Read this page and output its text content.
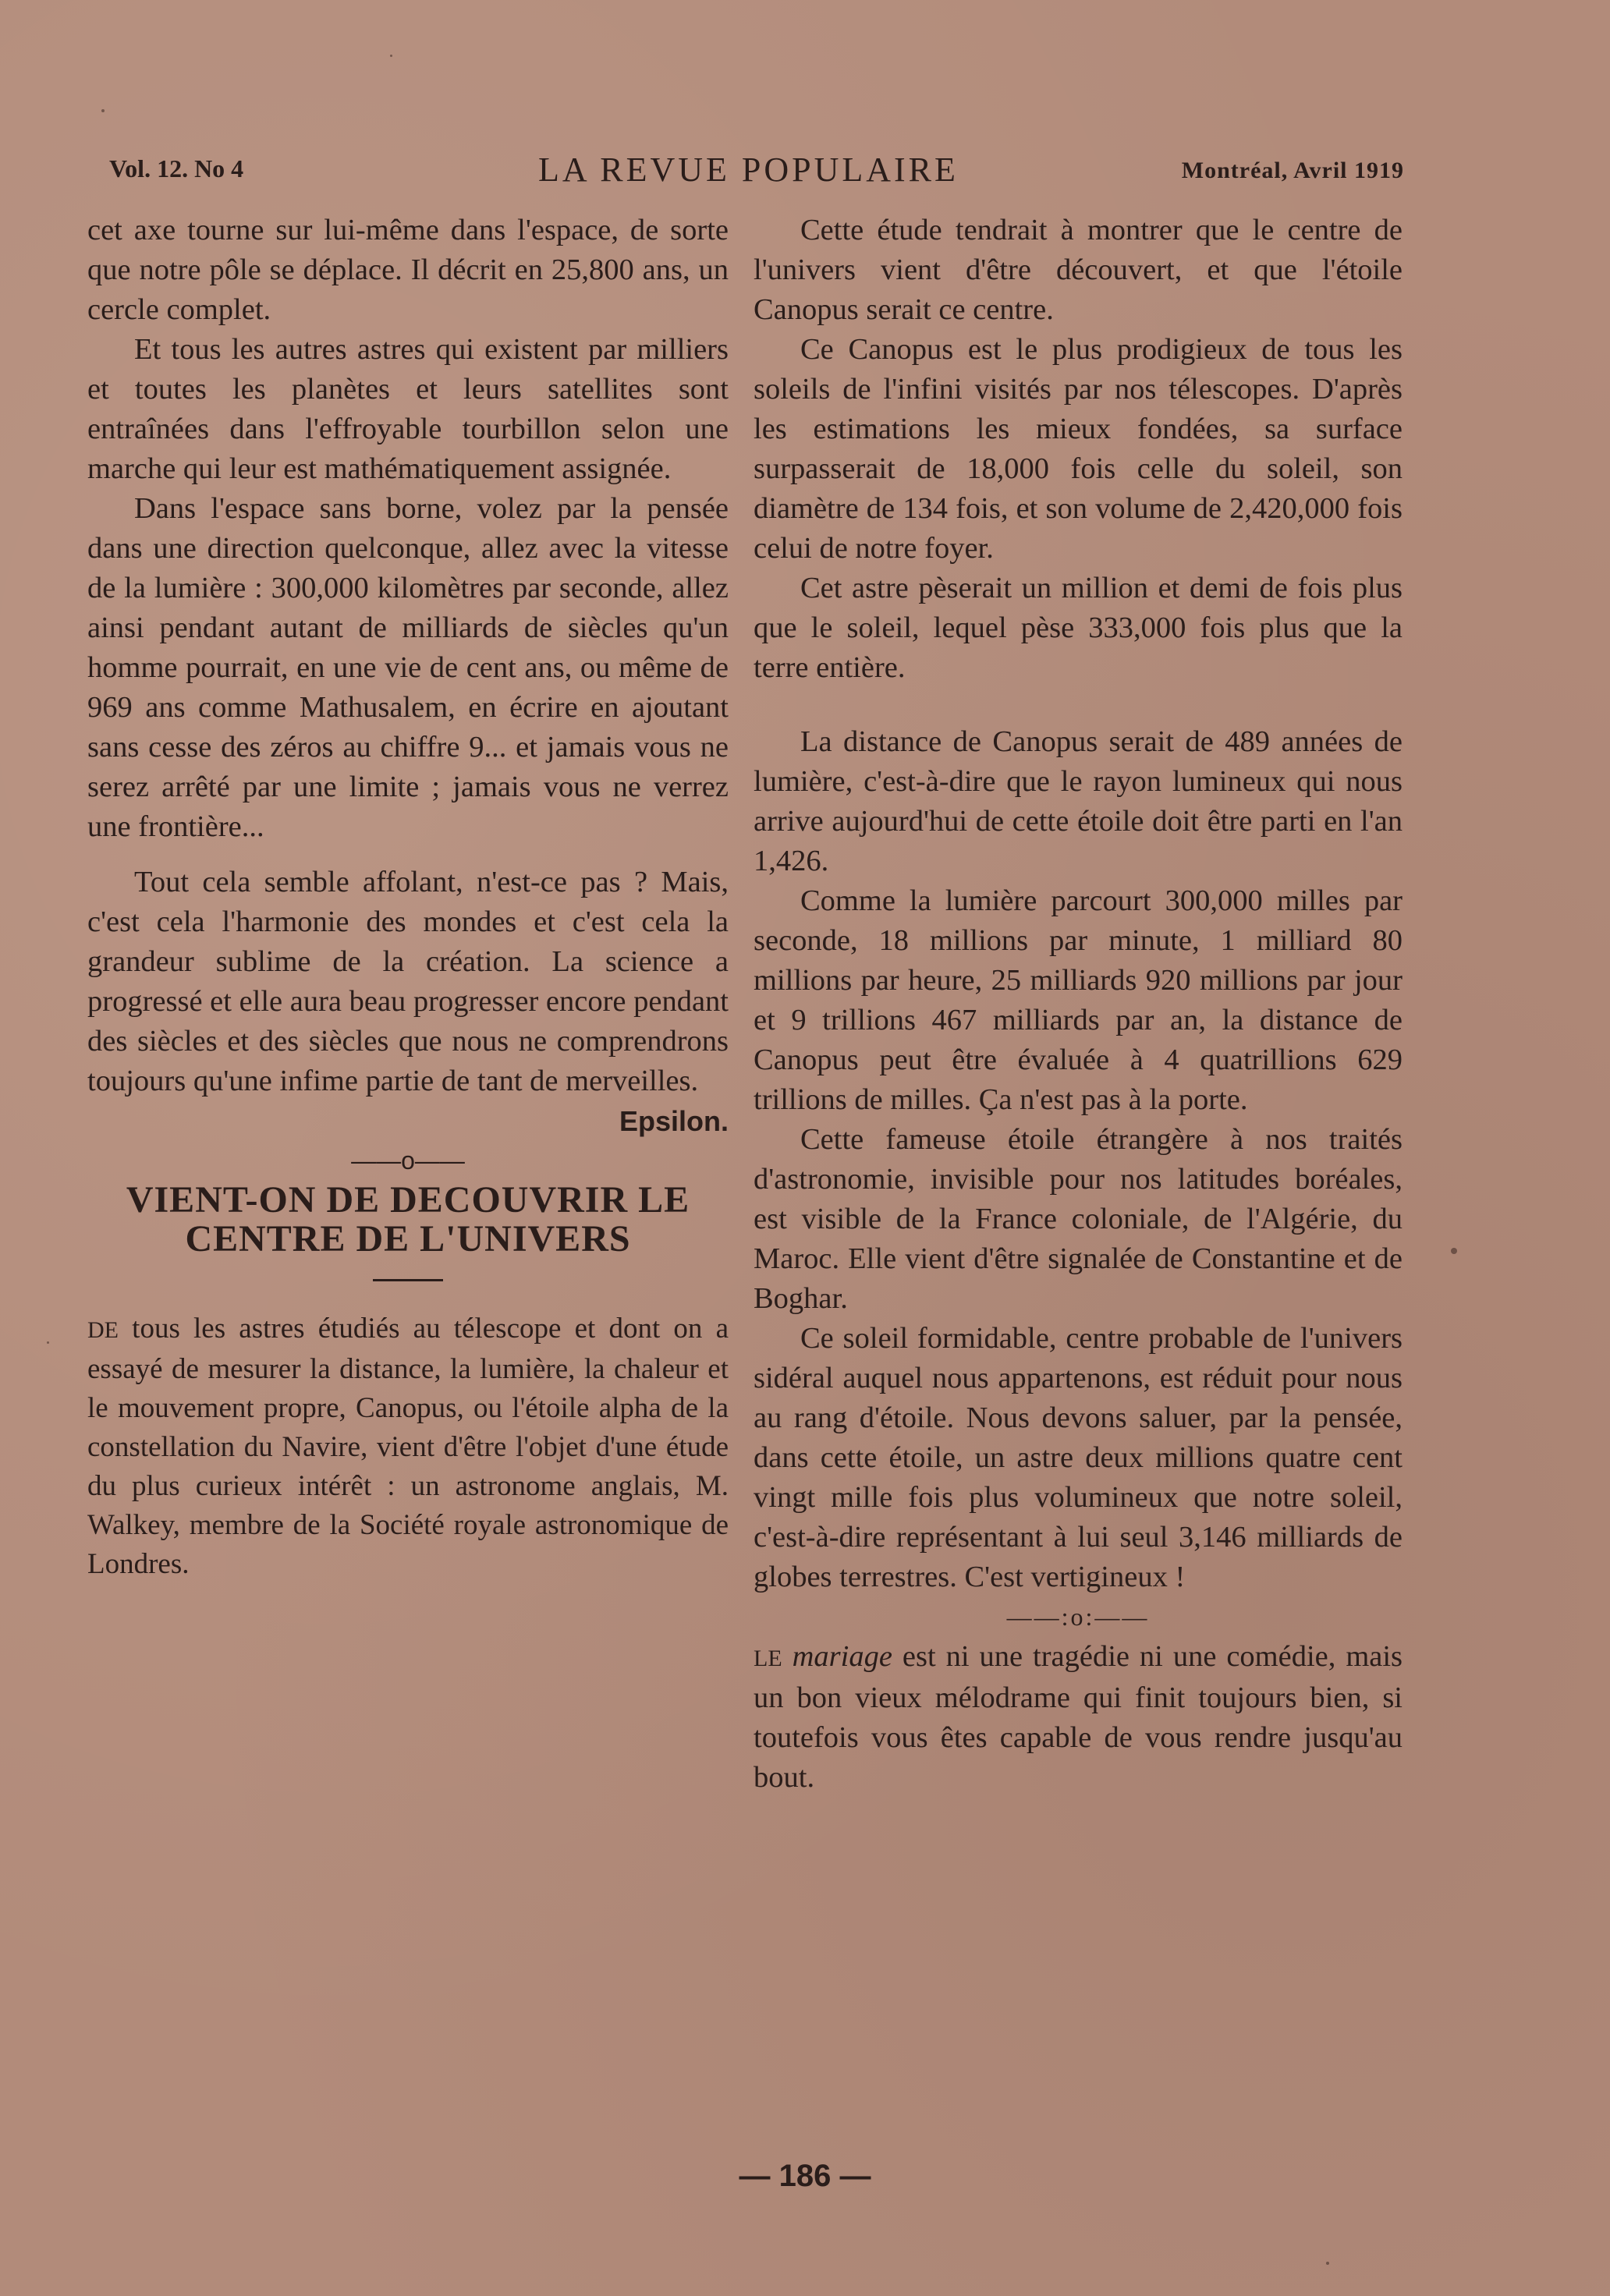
Vol. 12. No 4	LA REVUE POPULAIRE	Montréal, Avril 1919

cet axe tourne sur lui-même dans l'espace, de sorte que notre pôle se déplace. Il décrit en 25,800 ans, un cercle complet.

Et tous les autres astres qui existent par milliers et toutes les planètes et leurs satellites sont entraînées dans l'effroyable tourbillon selon une marche qui leur est mathématiquement assignée.

Dans l'espace sans borne, volez par la pensée dans une direction quelconque, allez avec la vitesse de la lumière : 300,000 kilomètres par seconde, allez ainsi pendant autant de milliards de siècles qu'un homme pourrait, en une vie de cent ans, ou même de 969 ans comme Mathusalem, en écrire en ajoutant sans cesse des zéros au chiffre 9... et jamais vous ne serez arrêté par une limite ; jamais vous ne verrez une frontière...

Tout cela semble affolant, n'est-ce pas ? Mais, c'est cela l'harmonie des mondes et c'est cela la grandeur sublime de la création. La science a progressé et elle aura beau progresser encore pendant des siècles et des siècles que nous ne comprendrons toujours qu'une infime partie de tant de merveilles.

Epsilon.

——o——

VIENT-ON DE DECOUVRIR LE

CENTRE DE L'UNIVERS

DE tous les astres étudiés au télescope et dont on a essayé de mesurer la distance, la lumière, la chaleur et le mouvement propre, Canopus, ou l'étoile alpha de la constellation du Navire, vient d'être l'objet d'une étude du plus curieux intérêt : un astronome anglais, M. Walkey, membre de la Société royale astronomique de Londres.

Cette étude tendrait à montrer que le centre de l'univers vient d'être découvert, et que l'étoile Canopus serait ce centre.

Ce Canopus est le plus prodigieux de tous les soleils de l'infini visités par nos télescopes. D'après les estimations les mieux fondées, sa surface surpasserait de 18,000 fois celle du soleil, son diamètre de 134 fois, et son volume de 2,420,000 fois celui de notre foyer.

Cet astre pèserait un million et demi de fois plus que le soleil, lequel pèse 333,000 fois plus que la terre entière.

La distance de Canopus serait de 489 années de lumière, c'est-à-dire que le rayon lumineux qui nous arrive aujourd'hui de cette étoile doit être parti en l'an 1,426.

Comme la lumière parcourt 300,000 milles par seconde, 18 millions par minute, 1 milliard 80 millions par heure, 25 milliards 920 millions par jour et 9 trillions 467 milliards par an, la distance de Canopus peut être évaluée à 4 quatrillions 629 trillions de milles. Ça n'est pas à la porte.

Cette fameuse étoile étrangère à nos traités d'astronomie, invisible pour nos latitudes boréales, est visible de la France coloniale, de l'Algérie, du Maroc. Elle vient d'être signalée de Constantine et de Boghar.

Ce soleil formidable, centre probable de l'univers sidéral auquel nous appartenons, est réduit pour nous au rang d'étoile. Nous devons saluer, par la pensée, dans cette étoile, un astre deux millions quatre cent vingt mille fois plus volumineux que notre soleil, c'est-à-dire représentant à lui seul 3,146 milliards de globes terrestres. C'est vertigineux !

——:o:——

LE mariage est ni une tragédie ni une comédie, mais un bon vieux mélodrame qui finit toujours bien, si toutefois vous êtes capable de vous rendre jusqu'au bout.

— 186 —
